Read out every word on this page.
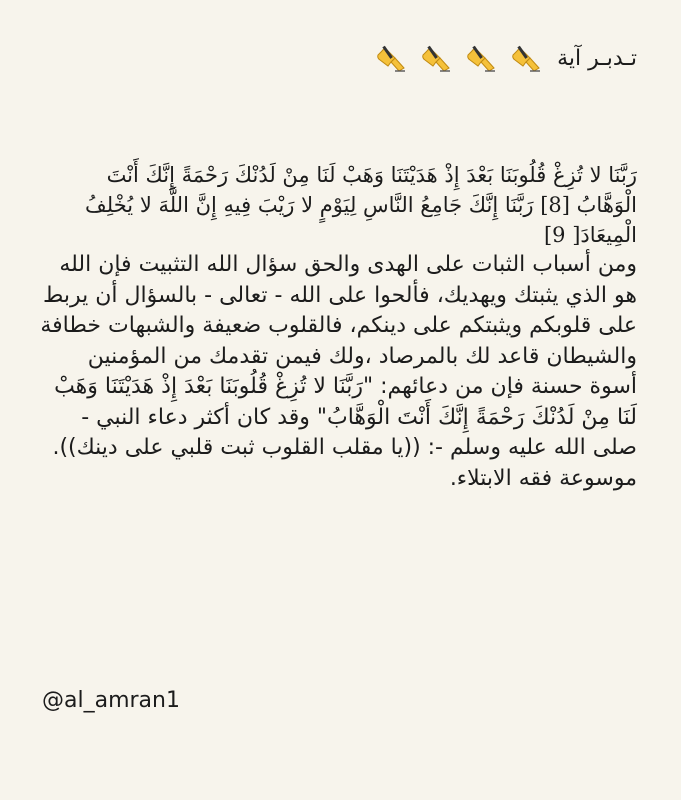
تـدبـر آية

رَبَّنَا لا تُزِغْ قُلُوبَنَا بَعْدَ إِذْ هَدَيْتَنَا وَهَبْ لَنَا مِنْ لَدُنْكَ رَحْمَةً إِنَّكَ أَنْتَ الْوَهَّابُ [8] رَبَّنَا إِنَّكَ جَامِعُ النَّاسِ لِيَوْمٍ لا رَيْبَ فِيهِ إِنَّ اللَّهَ لا يُخْلِفُ الْمِيعَادَ[ 9]

ومن أسباب الثبات على الهدى والحق سؤال الله التثبيت فإن الله هو الذي يثبتك ويهديك، فألحوا على الله - تعالى - بالسؤال أن يربط على قلوبكم ويثبتكم على دينكم، فالقلوب ضعيفة والشبهات خطافة والشيطان قاعد لك بالمرصاد ،ولك فيمن تقدمك من المؤمنين أسوة حسنة فإن من دعائهم: "رَبَّنَا لا تُزِغْ قُلُوبَنَا بَعْدَ إِذْ هَدَيْتَنَا وَهَبْ لَنَا مِنْ لَدُنْكَ رَحْمَةً إِنَّكَ أَنْتَ الْوَهَّابُ" وقد كان أكثر دعاء النبي - صلى الله عليه وسلم -: ((يا مقلب القلوب ثبت قلبي على دينك)).

موسوعة فقه الابتلاء.

@al_amran1
